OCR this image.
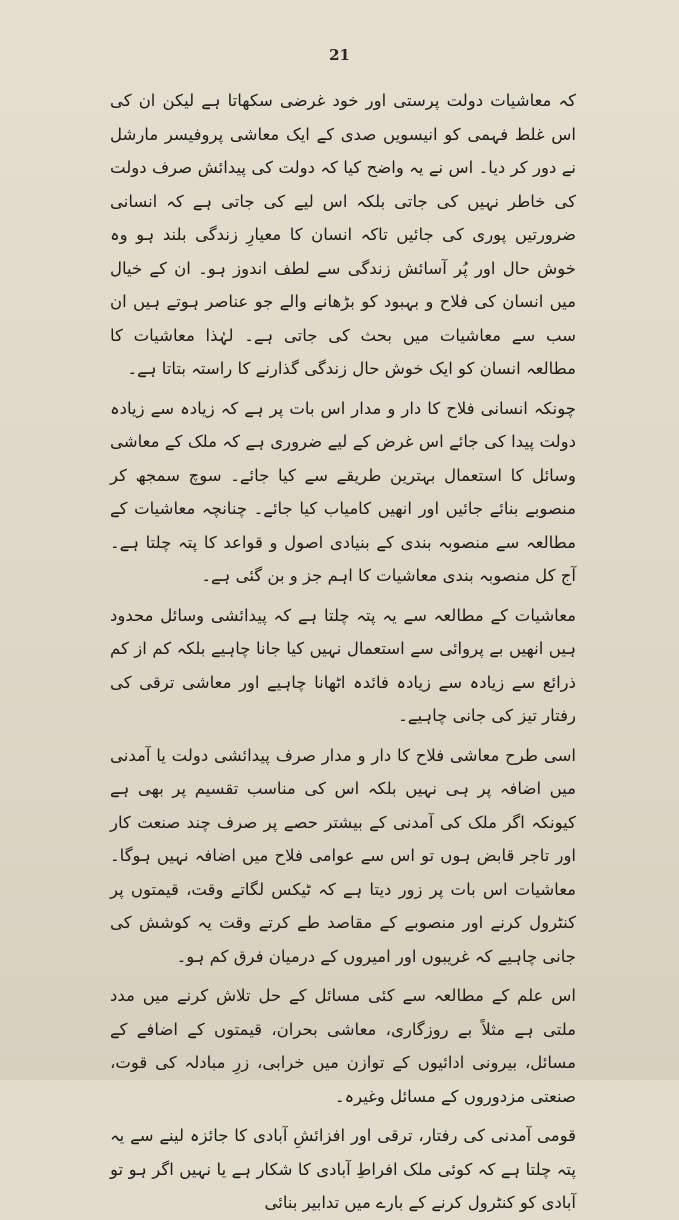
21

کہ معاشیات دولت پرستی اور خود غرضی سکھاتا ہے لیکن ان کی اس غلط فہمی کو انیسویں صدی کے ایک معاشی پروفیسر مارشل نے دور کر دیا۔ اس نے یہ واضح کیا کہ دولت کی پیدائش صرف دولت کی خاطر نہیں کی جاتی بلکہ اس لیے کی جاتی ہے کہ انسانی ضرورتیں پوری کی جائیں تاکہ انسان کا معیارِ زندگی بلند ہو وہ خوش حال اور پُر آسائش زندگی سے لطف اندوز ہو۔ ان کے خیال میں انسان کی فلاح و بہبود کو بڑھانے والے جو عناصر ہوتے ہیں ان سب سے معاشیات میں بحث کی جاتی ہے۔ لہٰذا معاشیات کا مطالعہ انسان کو ایک خوش حال زندگی گذارنے کا راستہ بتاتا ہے۔

چونکہ انسانی فلاح کا دار و مدار اس بات پر ہے کہ زیادہ سے زیادہ دولت پیدا کی جائے اس غرض کے لیے ضروری ہے کہ ملک کے معاشی وسائل کا استعمال بہترین طریقے سے کیا جائے۔ سوچ سمجھ کر منصوبے بنائے جائیں اور انھیں کامیاب کیا جائے۔ چنانچہ معاشیات کے مطالعہ سے منصوبہ بندی کے بنیادی اصول و قواعد کا پتہ چلتا ہے۔ آج کل منصوبہ بندی معاشیات کا اہم جز و بن گئی ہے۔

معاشیات کے مطالعہ سے یہ پتہ چلتا ہے کہ پیدائشی وسائل محدود ہیں انھیں بے پروائی سے استعمال نہیں کیا جانا چاہیے بلکہ کم از کم ذرائع سے زیادہ سے زیادہ فائدہ اٹھانا چاہیے اور معاشی ترقی کی رفتار تیز کی جانی چاہیے۔

اسی طرح معاشی فلاح کا دار و مدار صرف پیدائشی دولت یا آمدنی میں اضافہ پر ہی نہیں بلکہ اس کی مناسب تقسیم پر بھی ہے کیونکہ اگر ملک کی آمدنی کے بیشتر حصے پر صرف چند صنعت کار اور تاجر قابض ہوں تو اس سے عوامی فلاح میں اضافہ نہیں ہوگا۔ معاشیات اس بات پر زور دیتا ہے کہ ٹیکس لگاتے وقت، قیمتوں پر کنٹرول کرنے اور منصوبے کے مقاصد طے کرتے وقت یہ کوشش کی جانی چاہیے کہ غریبوں اور امیروں کے درمیان فرق کم ہو۔

اس علم کے مطالعہ سے کئی مسائل کے حل تلاش کرنے میں مدد ملتی ہے مثلاً بے روزگاری، معاشی بحران، قیمتوں کے اضافے کے مسائل، بیرونی ادائیوں کے توازن میں خرابی، زرِ مبادلہ کی قوت، صنعتی مزدوروں کے مسائل وغیرہ۔

قومی آمدنی کی رفتار، ترقی اور افزائشِ آبادی کا جائزہ لینے سے یہ پتہ چلتا ہے کہ کوئی ملک افراطِ آبادی کا شکار ہے یا نہیں اگر ہو تو آبادی کو کنٹرول کرنے کے بارے میں تدابیر بنائی
